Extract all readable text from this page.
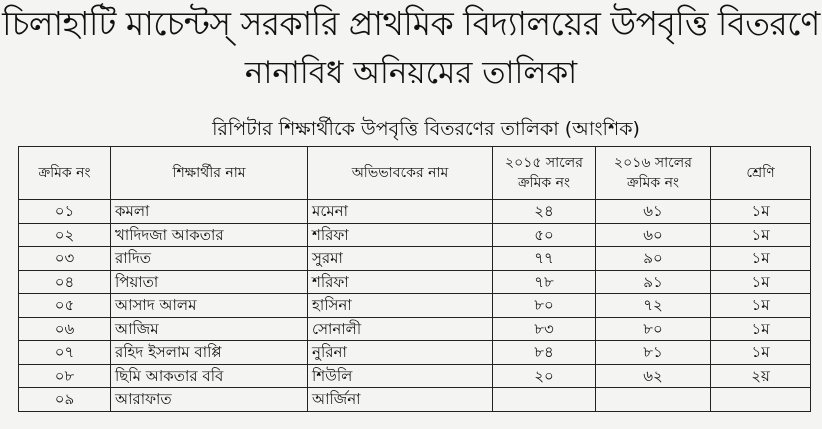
চিলাহাটি মাচেন্টস্‌ সরকারি প্রাথমিক বিদ্যালয়ের উপবৃত্তি বিতরণে
নানাবিধ অনিয়মের তালিকা
রিপিটার শিক্ষার্থীকে উপবৃত্তি বিতরণের তালিকা (আংশিক)
ক্রমিক নং	শিক্ষার্থীর নাম	অভিভাবকের নাম	২০১৫ সালের ক্রমিক নং	২০১৬ সালের ক্রমিক নং	শ্রেণি
০১	কমলা	মমেনা	২৪	৬১	১ম
০২	খাদিদজা আকতার	শরিফা	৫০	৬০	১ম
০৩	রাদিত	সুরমা	৭৭	৯০	১ম
০৪	পিয়াতা	শরিফা	৭৮	৯১	১ম
০৫	আসাদ আলম	হাসিনা	৮০	৭২	১ম
০৬	আজিম	সোনালী	৮৩	৮০	১ম
০৭	রহিদ ইসলাম বাপ্পি	নুরিনা	৮৪	৮১	১ম
০৮	ছিমি আকতার ববি	শিউলি	২০	৬২	২য়
০৯	আরাফাত	আর্জিনা			
